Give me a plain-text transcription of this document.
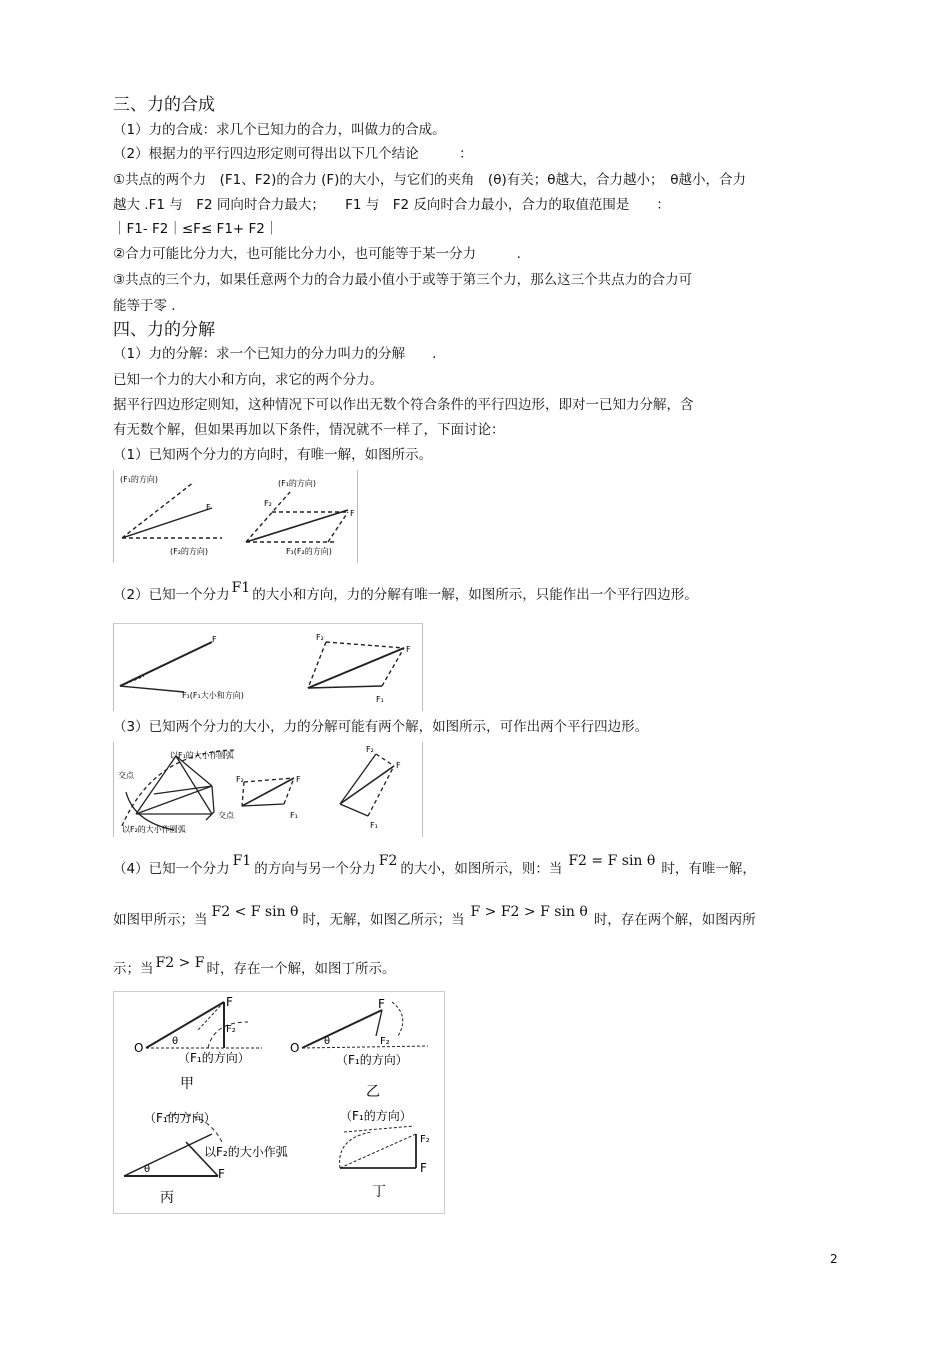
三、力的合成
（1）力的合成：求几个已知力的合力，叫做力的合成。
（2）根据力的平行四边形定则可得出以下几个结论　　　：
①共点的两个力　(F1、F2)的合力 (F)的大小，与它们的夹角　(θ)有关；θ越大，合力越小；　θ越小，合力
越大 .F1 与　F2 同向时合力最大；　　F1 与　F2 反向时合力最小，合力的取值范围是　　：
｜F1- F2｜≤F≤ F1+ F2｜
②合力可能比分力大，也可能比分力小，也可能等于某一分力　　　.
③共点的三个力，如果任意两个力的合力最小值小于或等于第三个力，那么这三个共点力的合力可
能等于零 .
四、力的分解
（1）力的分解：求一个已知力的分力叫力的分解　　.
已知一个力的大小和方向，求它的两个分力。
据平行四边形定则知，这种情况下可以作出无数个符合条件的平行四边形，即对一已知力分解，含
有无数个解，但如果再加以下条件，情况就不一样了，下面讨论：
（1）已知两个分力的方向时，有唯一解，如图所示。
(F₁的方向)
F
(F₂的方向)
(F₁的方向)
F₂
F
F₁(F₂的方向)
（2）已知一个分力 F1 的大小和方向，力的分解有唯一解，如图所示，只能作出一个平行四边形。
F
F₁(F₁大小和方向)
F₂
F
F₁
（3）已知两个分力的大小，力的分解可能有两个解，如图所示，可作出两个平行四边形。
以F₁的大小作圆弧
交点
交点
以F₂的大小作圆弧
F
F₁
F₂
F
F₁
F₂
（4）已知一个分力 F1 的方向与另一个分力 F2 的大小，如图所示，则：当 F2 = F sin θ 时，有唯一解，
如图甲所示；当 F2 < F sin θ 时，无解，如图乙所示；当 F > F2 > F sin θ 时，存在两个解，如图丙所
示；当 F2 > F 时，存在一个解，如图丁所示。
F
O	θ
F₂
（F₁的方向）
甲
F
O θ	F₂
（F₁的方向）
乙
（F₁的方向）
以F₂的大小作弧
θ	F
丙
（F₁的方向）
F₂
F
丁
2
